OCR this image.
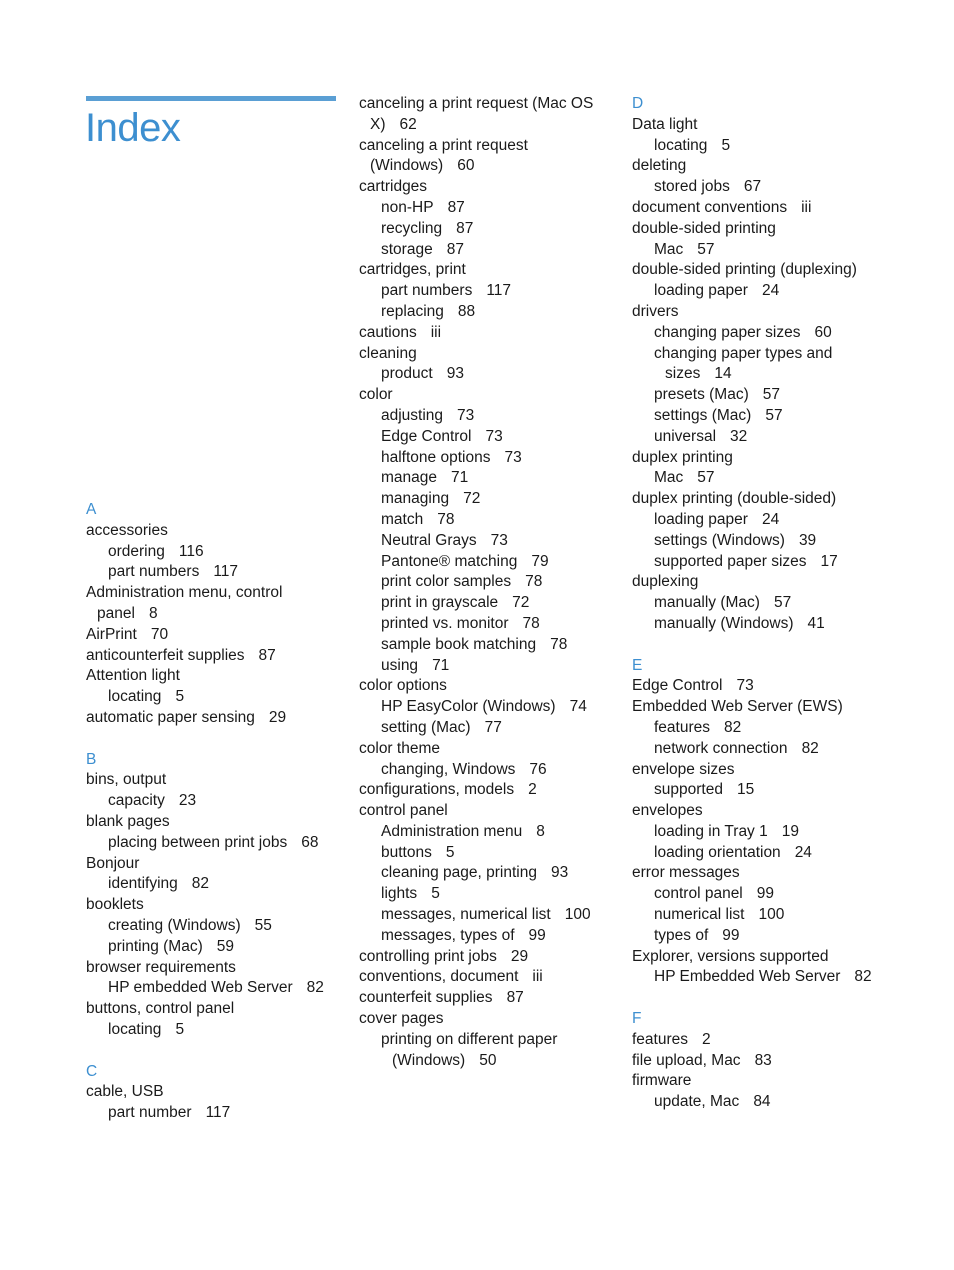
Index
A
accessories
ordering 116
part numbers 117
Administration menu, control panel 8
AirPrint 70
anticounterfeit supplies 87
Attention light
locating 5
automatic paper sensing 29
B
bins, output
capacity 23
blank pages
placing between print jobs 68
Bonjour
identifying 82
booklets
creating (Windows) 55
printing (Mac) 59
browser requirements
HP embedded Web Server 82
buttons, control panel
locating 5
C
cable, USB
part number 117
canceling a print request (Mac OS X) 62
canceling a print request (Windows) 60
cartridges
non-HP 87
recycling 87
storage 87
cartridges, print
part numbers 117
replacing 88
cautions iii
cleaning
product 93
color
adjusting 73
Edge Control 73
halftone options 73
manage 71
managing 72
match 78
Neutral Grays 73
Pantone® matching 79
print color samples 78
print in grayscale 72
printed vs. monitor 78
sample book matching 78
using 71
color options
HP EasyColor (Windows) 74
setting (Mac) 77
color theme
changing, Windows 76
configurations, models 2
control panel
Administration menu 8
buttons 5
cleaning page, printing 93
lights 5
messages, numerical list 100
messages, types of 99
controlling print jobs 29
conventions, document iii
counterfeit supplies 87
cover pages
printing on different paper (Windows) 50
D
Data light
locating 5
deleting
stored jobs 67
document conventions iii
double-sided printing
Mac 57
double-sided printing (duplexing)
loading paper 24
drivers
changing paper sizes 60
changing paper types and sizes 14
presets (Mac) 57
settings (Mac) 57
universal 32
duplex printing
Mac 57
duplex printing (double-sided)
loading paper 24
settings (Windows) 39
supported paper sizes 17
duplexing
manually (Mac) 57
manually (Windows) 41
E
Edge Control 73
Embedded Web Server (EWS)
features 82
network connection 82
envelope sizes
supported 15
envelopes
loading in Tray 1 19
loading orientation 24
error messages
control panel 99
numerical list 100
types of 99
Explorer, versions supported
HP Embedded Web Server 82
F
features 2
file upload, Mac 83
firmware
update, Mac 84
